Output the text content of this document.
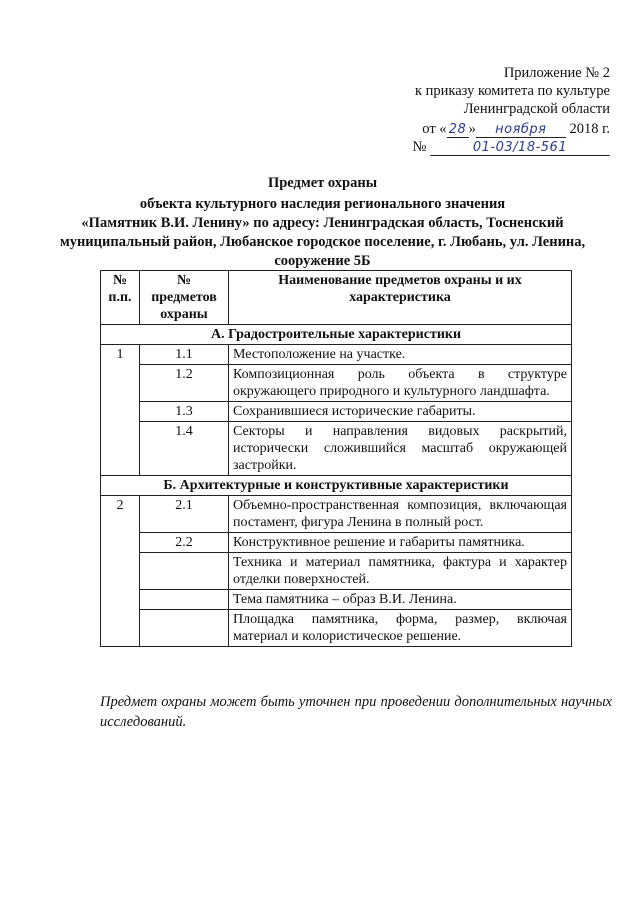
Приложение № 2
к приказу комитета по культуре
Ленинградской области
от « 28 » ноября 2018 г.
№	01-03/18-561
Предмет охраны
объекта культурного наследия регионального значения
«Памятник В.И. Ленину» по адресу: Ленинградская область, Тосненский муниципальный район, Любанское городское поселение, г. Любань, ул. Ленина, сооружение 5Б
№ п.п.	№ предметов охраны	Наименование предметов охраны и их характеристика
А. Градостроительные характеристики		
1	1.1	Местоположение на участке.
	1.2	Композиционная роль объекта в структуре окружающего природного и культурного ландшафта.
	1.3	Сохранившиеся исторические габариты.
	1.4	Секторы и направления видовых раскрытий, исторически сложившийся масштаб окружающей застройки.
Б. Архитектурные и конструктивные характеристики		
2	2.1	Объемно-пространственная композиция, включающая постамент, фигура Ленина в полный рост.
	2.2	Конструктивное решение и габариты памятника.
		Техника и материал памятника, фактура и характер отделки поверхностей.
		Тема памятника – образ В.И. Ленина.
		Площадка памятника, форма, размер, включая материал и колористическое решение.
Предмет охраны может быть уточнен при проведении дополнительных научных исследований.
